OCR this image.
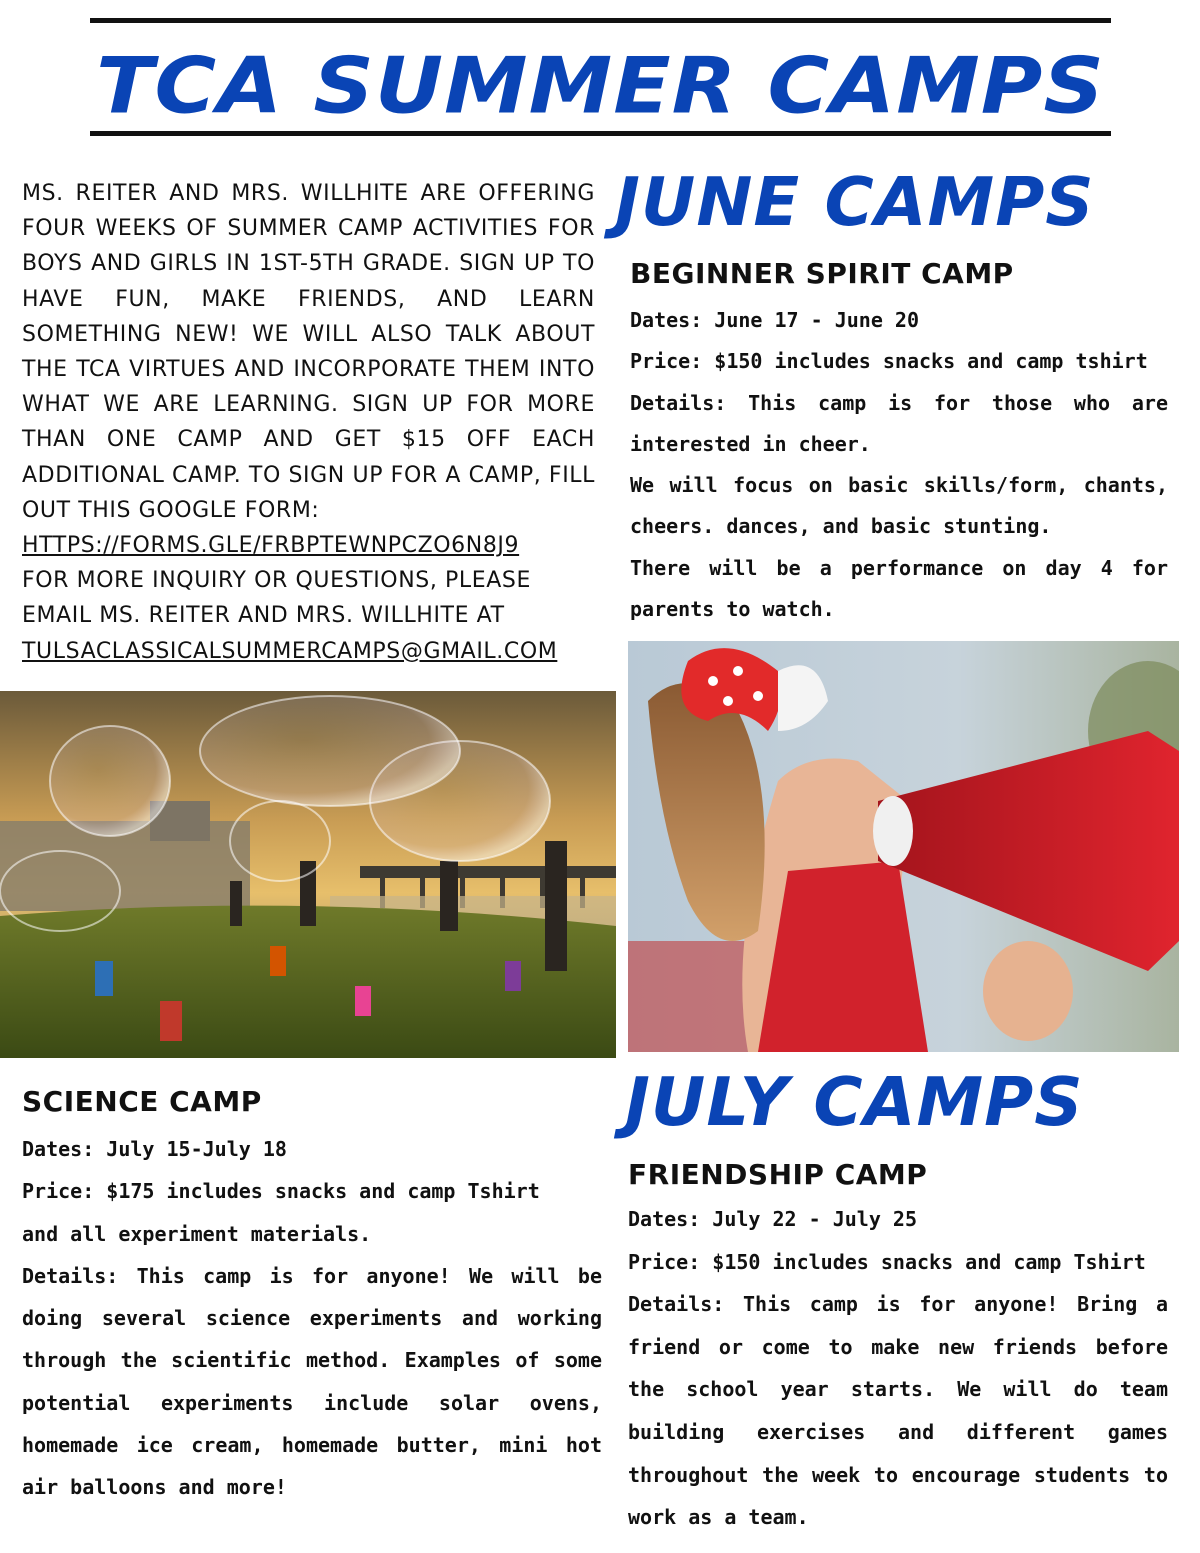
TCA SUMMER CAMPS

MS. REITER AND MRS. WILLHITE ARE OFFERING FOUR WEEKS OF SUMMER CAMP ACTIVITIES FOR BOYS AND GIRLS IN 1ST-5TH GRADE. SIGN UP TO HAVE FUN, MAKE FRIENDS, AND LEARN SOMETHING NEW! WE WILL ALSO TALK ABOUT THE TCA VIRTUES AND INCORPORATE THEM INTO WHAT WE ARE LEARNING. SIGN UP FOR MORE THAN ONE CAMP AND GET $15 OFF EACH ADDITIONAL CAMP. TO SIGN UP FOR A CAMP, FILL OUT THIS GOOGLE FORM:

HTTPS://FORMS.GLE/FRBPTEWNPCZO6N8J9
FOR MORE INQUIRY OR QUESTIONS, PLEASE EMAIL MS. REITER AND MRS. WILLHITE AT
TULSACLASSICALSUMMERCAMPS@GMAIL.COM
JUNE CAMPS
BEGINNER SPIRIT CAMP

Dates: June 17 - June 20

Price: $150 includes snacks and camp tshirt

Details: This camp is for those who are interested in cheer.

We will focus on basic skills/form, chants, cheers. dances, and basic stunting.

There will be a performance on day 4 for parents to watch.

JULY CAMPS
SCIENCE CAMP

Dates: July 15-July 18

Price: $175 includes snacks and camp Tshirt

and all experiment materials.

Details: This camp is for anyone! We will be doing several science experiments and working through the scientific method. Examples of some potential experiments include solar ovens, homemade ice cream, homemade butter, mini hot air balloons and more!

FRIENDSHIP CAMP

Dates: July 22 - July 25

Price: $150 includes snacks and camp Tshirt

Details: This camp is for anyone! Bring a friend or come to make new friends before the school year starts. We will do team building exercises and different games throughout the week to encourage students to work as a team.
